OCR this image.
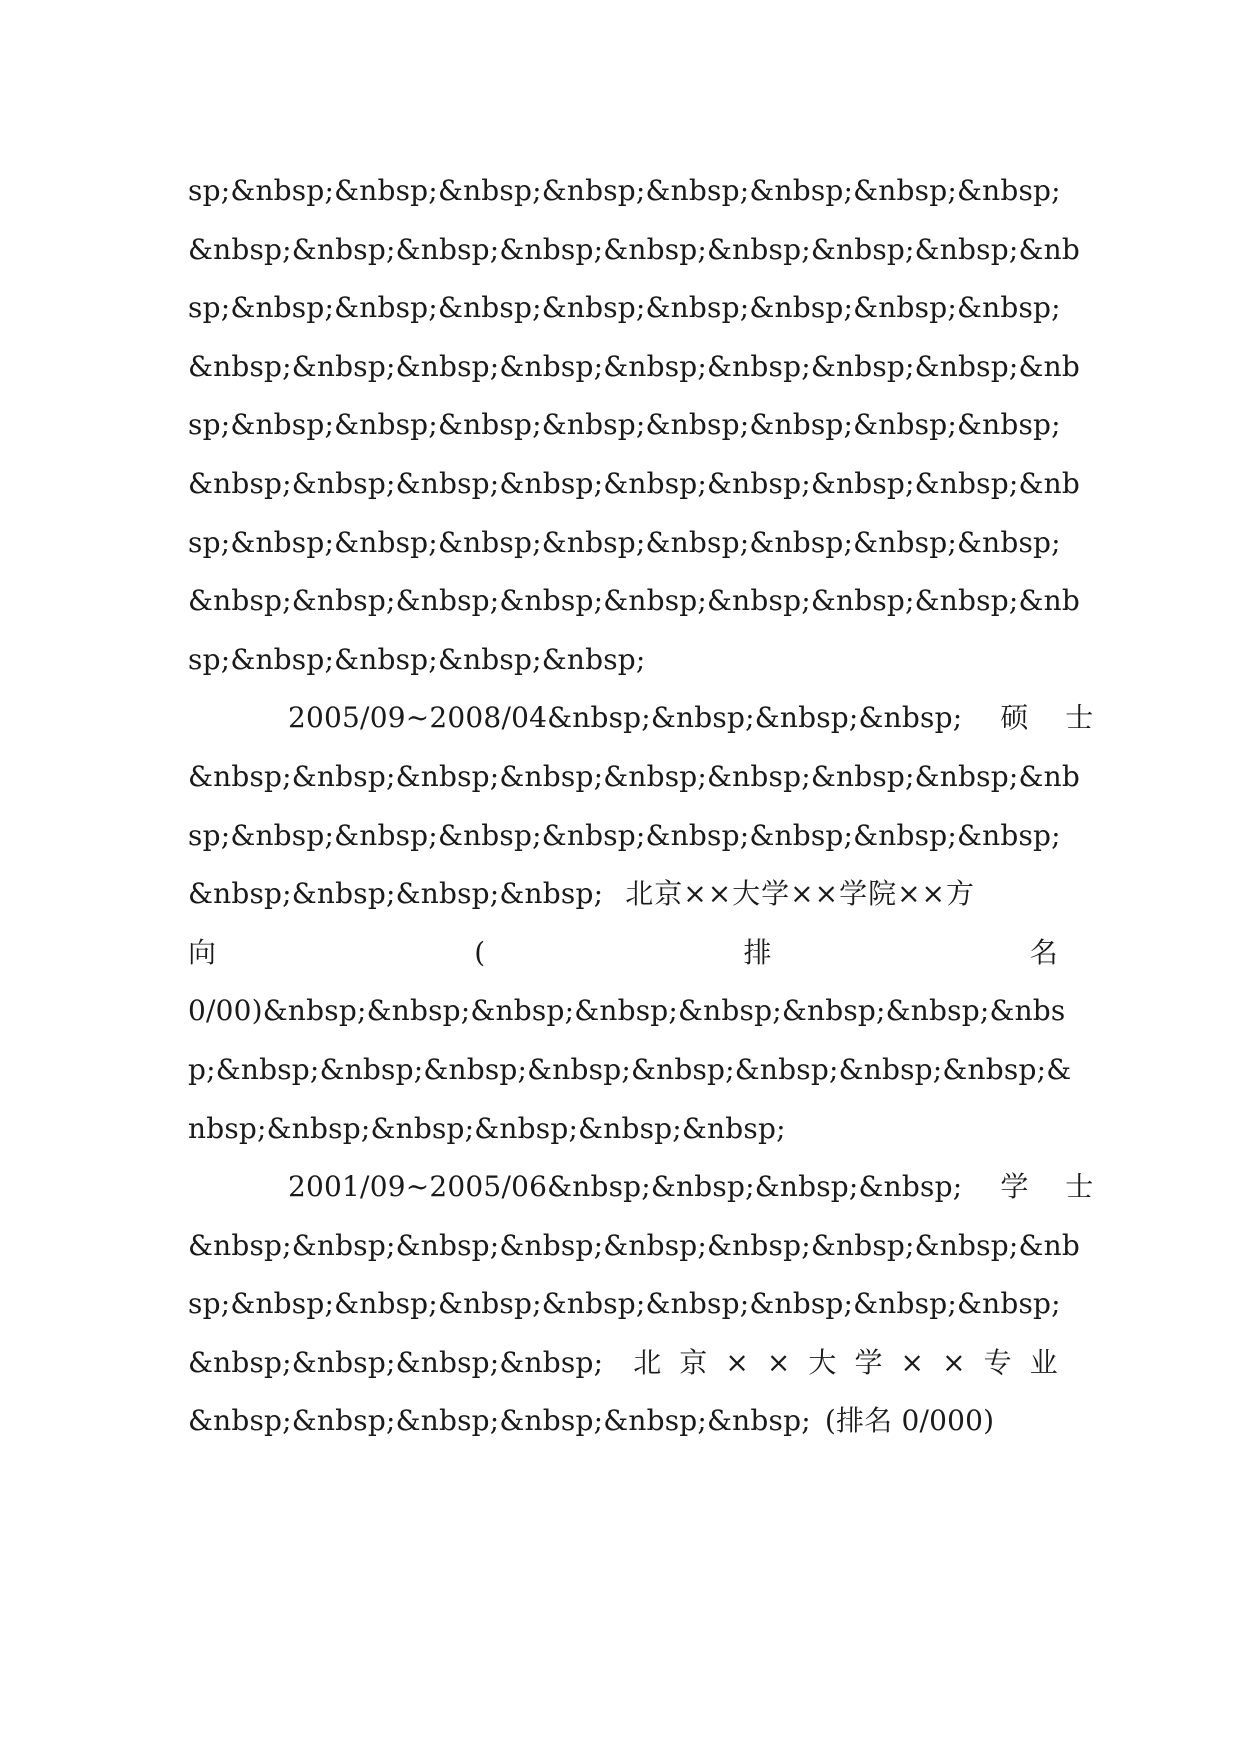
sp;&nbsp;&nbsp;&nbsp;&nbsp;&nbsp;&nbsp;&nbsp;&nbsp;
&nbsp;&nbsp;&nbsp;&nbsp;&nbsp;&nbsp;&nbsp;&nbsp;&nb
sp;&nbsp;&nbsp;&nbsp;&nbsp;&nbsp;&nbsp;&nbsp;&nbsp;
&nbsp;&nbsp;&nbsp;&nbsp;&nbsp;&nbsp;&nbsp;&nbsp;&nb
sp;&nbsp;&nbsp;&nbsp;&nbsp;&nbsp;&nbsp;&nbsp;&nbsp;
&nbsp;&nbsp;&nbsp;&nbsp;&nbsp;&nbsp;&nbsp;&nbsp;&nb
sp;&nbsp;&nbsp;&nbsp;&nbsp;&nbsp;&nbsp;&nbsp;&nbsp;
&nbsp;&nbsp;&nbsp;&nbsp;&nbsp;&nbsp;&nbsp;&nbsp;&nb
sp;&nbsp;&nbsp;&nbsp;&nbsp;
2005/09~2008/04&nbsp;&nbsp;&nbsp;&nbsp; 硕 士
&nbsp;&nbsp;&nbsp;&nbsp;&nbsp;&nbsp;&nbsp;&nbsp;&nb
sp;&nbsp;&nbsp;&nbsp;&nbsp;&nbsp;&nbsp;&nbsp;&nbsp;
&nbsp;&nbsp;&nbsp;&nbsp; 北京××大学××学院××方
向	(	排	名
0/00)&nbsp;&nbsp;&nbsp;&nbsp;&nbsp;&nbsp;&nbsp;&nbs
p;&nbsp;&nbsp;&nbsp;&nbsp;&nbsp;&nbsp;&nbsp;&nbsp;&
nbsp;&nbsp;&nbsp;&nbsp;&nbsp;&nbsp;
2001/09~2005/06&nbsp;&nbsp;&nbsp;&nbsp; 学 士
&nbsp;&nbsp;&nbsp;&nbsp;&nbsp;&nbsp;&nbsp;&nbsp;&nb
sp;&nbsp;&nbsp;&nbsp;&nbsp;&nbsp;&nbsp;&nbsp;&nbsp;
&nbsp;&nbsp;&nbsp;&nbsp; 北 京 × × 大 学 × × 专 业
&nbsp;&nbsp;&nbsp;&nbsp;&nbsp;&nbsp; (排名 0/000)
